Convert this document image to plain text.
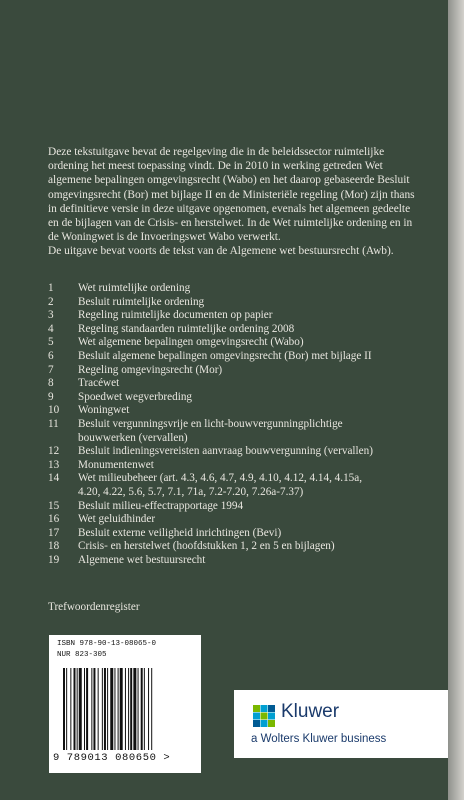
Deze tekstuitgave bevat de regelgeving die in de beleidssector ruimtelijke ordening het meest toepassing vindt. De in 2010 in werking getreden Wet algemene bepalingen omgevingsrecht (Wabo) en het daarop gebaseerde Besluit omgevingsrecht (Bor) met bijlage II en de Ministeriële regeling (Mor) zijn thans in definitieve versie in deze uitgave opgenomen, evenals het algemeen gedeelte en de bijlagen van de Crisis- en herstelwet. In de Wet ruimtelijke ordening en in de Woningwet is de Invoeringswet Wabo verwerkt.

De uitgave bevat voorts de tekst van de Algemene wet bestuursrecht (Awb).

1	Wet ruimtelijke ordening
2	Besluit ruimtelijke ordening
3	Regeling ruimtelijke documenten op papier
4	Regeling standaarden ruimtelijke ordening 2008
5	Wet algemene bepalingen omgevingsrecht (Wabo)
6	Besluit algemene bepalingen omgevingsrecht (Bor) met bijlage II
7	Regeling omgevingsrecht (Mor)
8	Tracéwet
9	Spoedwet wegverbreding
10	Woningwet
11	Besluit vergunningsvrije en licht-bouwvergunningplichtige
bouwwerken (vervallen)
12	Besluit indieningsvereisten aanvraag bouwvergunning (vervallen)
13	Monumentenwet
14	Wet milieubeheer (art. 4.3, 4.6, 4.7, 4.9, 4.10, 4.12, 4.14, 4.15a,
4.20, 4.22, 5.6, 5.7, 7.1, 71a, 7.2-7.20, 7.26a-7.37)
15	Besluit milieu-effectrapportage 1994
16	Wet geluidhinder
17	Besluit externe veiligheid inrichtingen (Bevi)
18	Crisis- en herstelwet (hoofdstukken 1, 2 en 5 en bijlagen)
19	Algemene wet bestuursrecht
Trefwoordenregister
ISBN 978-90-13-08065-0
NUR 823-305
9 789013 080650 >
Kluwer
a Wolters Kluwer business
